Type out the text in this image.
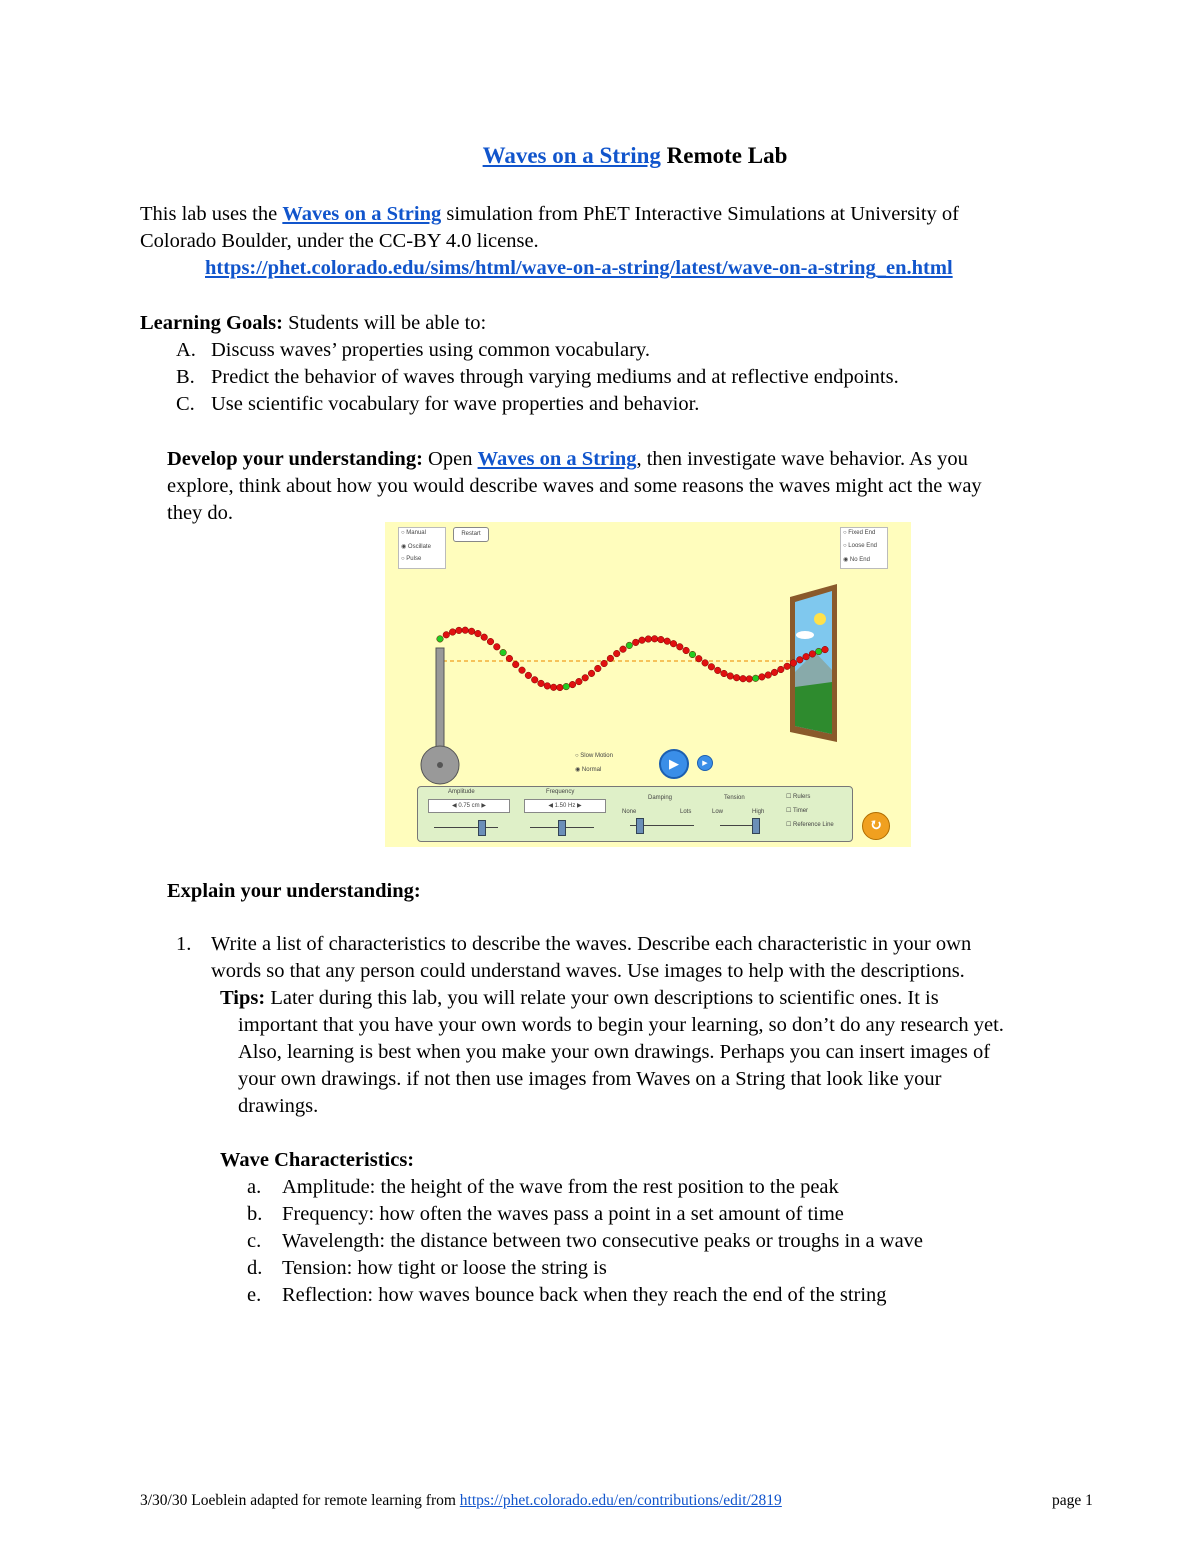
Waves on a String Remote Lab
This lab uses the Waves on a String simulation from PhET Interactive Simulations at University of
Colorado Boulder, under the CC-BY 4.0 license.
https://phet.colorado.edu/sims/html/wave-on-a-string/latest/wave-on-a-string_en.html
Learning Goals: Students will be able to:
A. Discuss waves’ properties using common vocabulary.
B. Predict the behavior of waves through varying mediums and at reflective endpoints.
C. Use scientific vocabulary for wave properties and behavior.
Develop your understanding: Open Waves on a String, then investigate wave behavior. As you
explore, think about how you would describe waves and some reasons the waves might act the way
they do.
○ Manual
◉ Oscillate
○ Pulse
Restart	○ Fixed End
○ Loose End
◉ No End
○ Slow Motion
◉ Normal	▶	▶
Amplitude
◀ 0.75 cm ▶
Frequency
◀ 1.50 Hz ▶
Damping
None	Lots
Tension
Low	High
☐ Rulers
☐ Timer
☐ Reference Line	↻
Explain your understanding:
1. Write a list of characteristics to describe the waves. Describe each characteristic in your own
words so that any person could understand waves. Use images to help with the descriptions.
Tips: Later during this lab, you will relate your own descriptions to scientific ones. It is
important that you have your own words to begin your learning, so don’t do any research yet.
Also, learning is best when you make your own drawings. Perhaps you can insert images of
your own drawings. if not then use images from Waves on a String that look like your
drawings.
Wave Characteristics:
a. Amplitude: the height of the wave from the rest position to the peak
b. Frequency: how often the waves pass a point in a set amount of time
c. Wavelength: the distance between two consecutive peaks or troughs in a wave
d. Tension: how tight or loose the string is
e. Reflection: how waves bounce back when they reach the end of the string
3/30/30 Loeblein adapted for remote learning from https://phet.colorado.edu/en/contributions/edit/2819	page 1
